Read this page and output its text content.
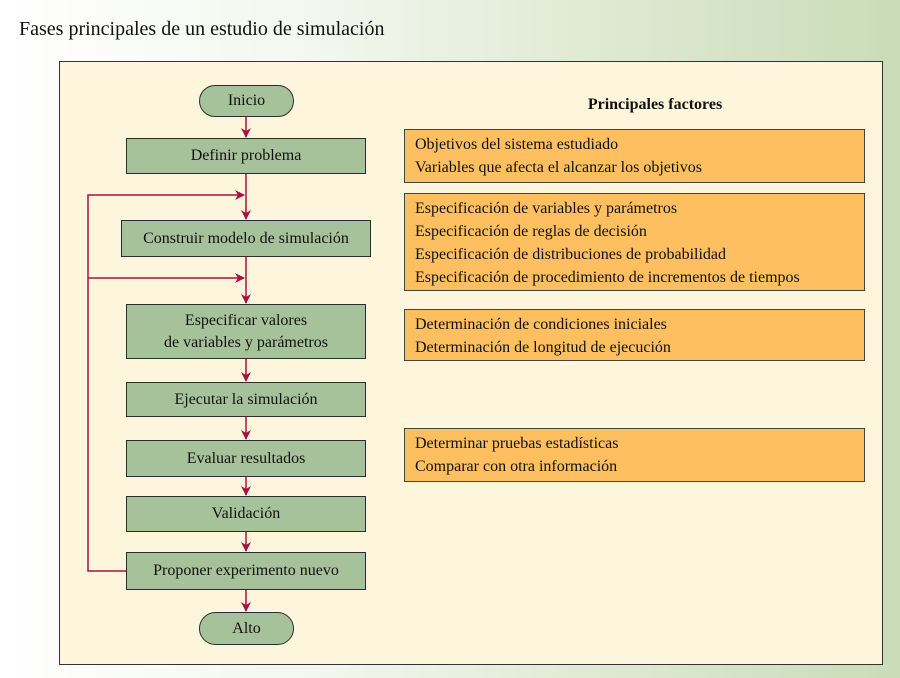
Fases principales de un estudio de simulación
Inicio
Definir problema
Construir modelo de simulación
Especificar valores
de variables y parámetros
Ejecutar la simulación
Evaluar resultados
Validación
Proponer experimento nuevo
Alto
Principales factores
Objetivos del sistema estudiado
Variables que afecta el alcanzar los objetivos
Especificación de variables y parámetros
Especificación de reglas de decisión
Especificación de distribuciones de probabilidad
Especificación de procedimiento de incrementos de tiempos
Determinación de condiciones iniciales
Determinación de longitud de ejecución
Determinar pruebas estadísticas
Comparar con otra información
